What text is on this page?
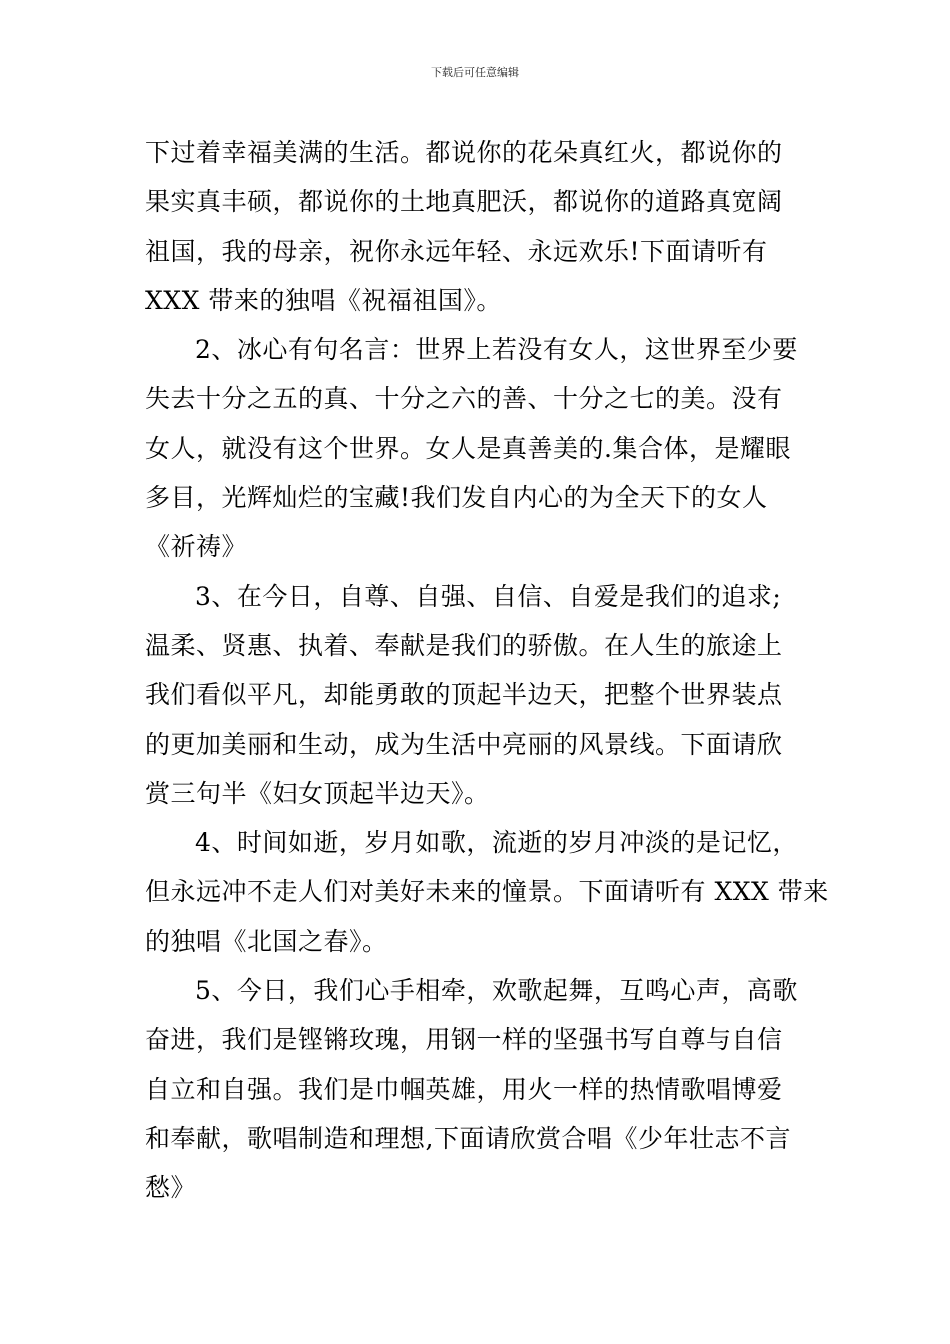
下载后可任意编辑
下过着幸福美满的生活。都说你的花朵真红火，都说你的
果实真丰硕，都说你的土地真肥沃，都说你的道路真宽阔
祖国，我的母亲，祝你永远年轻、永远欢乐!下面请听有
XXX 带来的独唱《祝福祖国》。
2、冰心有句名言：世界上若没有女人，这世界至少要
失去十分之五的真、十分之六的善、十分之七的美。没有
女人，就没有这个世界。女人是真善美的.集合体，是耀眼
多目，光辉灿烂的宝藏!我们发自内心的为全天下的女人
《祈祷》
3、在今日，自尊、自强、自信、自爱是我们的追求;
温柔、贤惠、执着、奉献是我们的骄傲。在人生的旅途上
我们看似平凡，却能勇敢的顶起半边天，把整个世界装点
的更加美丽和生动，成为生活中亮丽的风景线。下面请欣
赏三句半《妇女顶起半边天》。
4、时间如逝，岁月如歌，流逝的岁月冲淡的是记忆，
但永远冲不走人们对美好未来的憧景。下面请听有 XXX 带来
的独唱《北国之春》。
5、今日，我们心手相牵，欢歌起舞，互鸣心声，高歌
奋进，我们是铿锵玫瑰，用钢一样的坚强书写自尊与自信
自立和自强。我们是巾帼英雄，用火一样的热情歌唱博爱
和奉献，歌唱制造和理想,下面请欣赏合唱《少年壮志不言
愁》
